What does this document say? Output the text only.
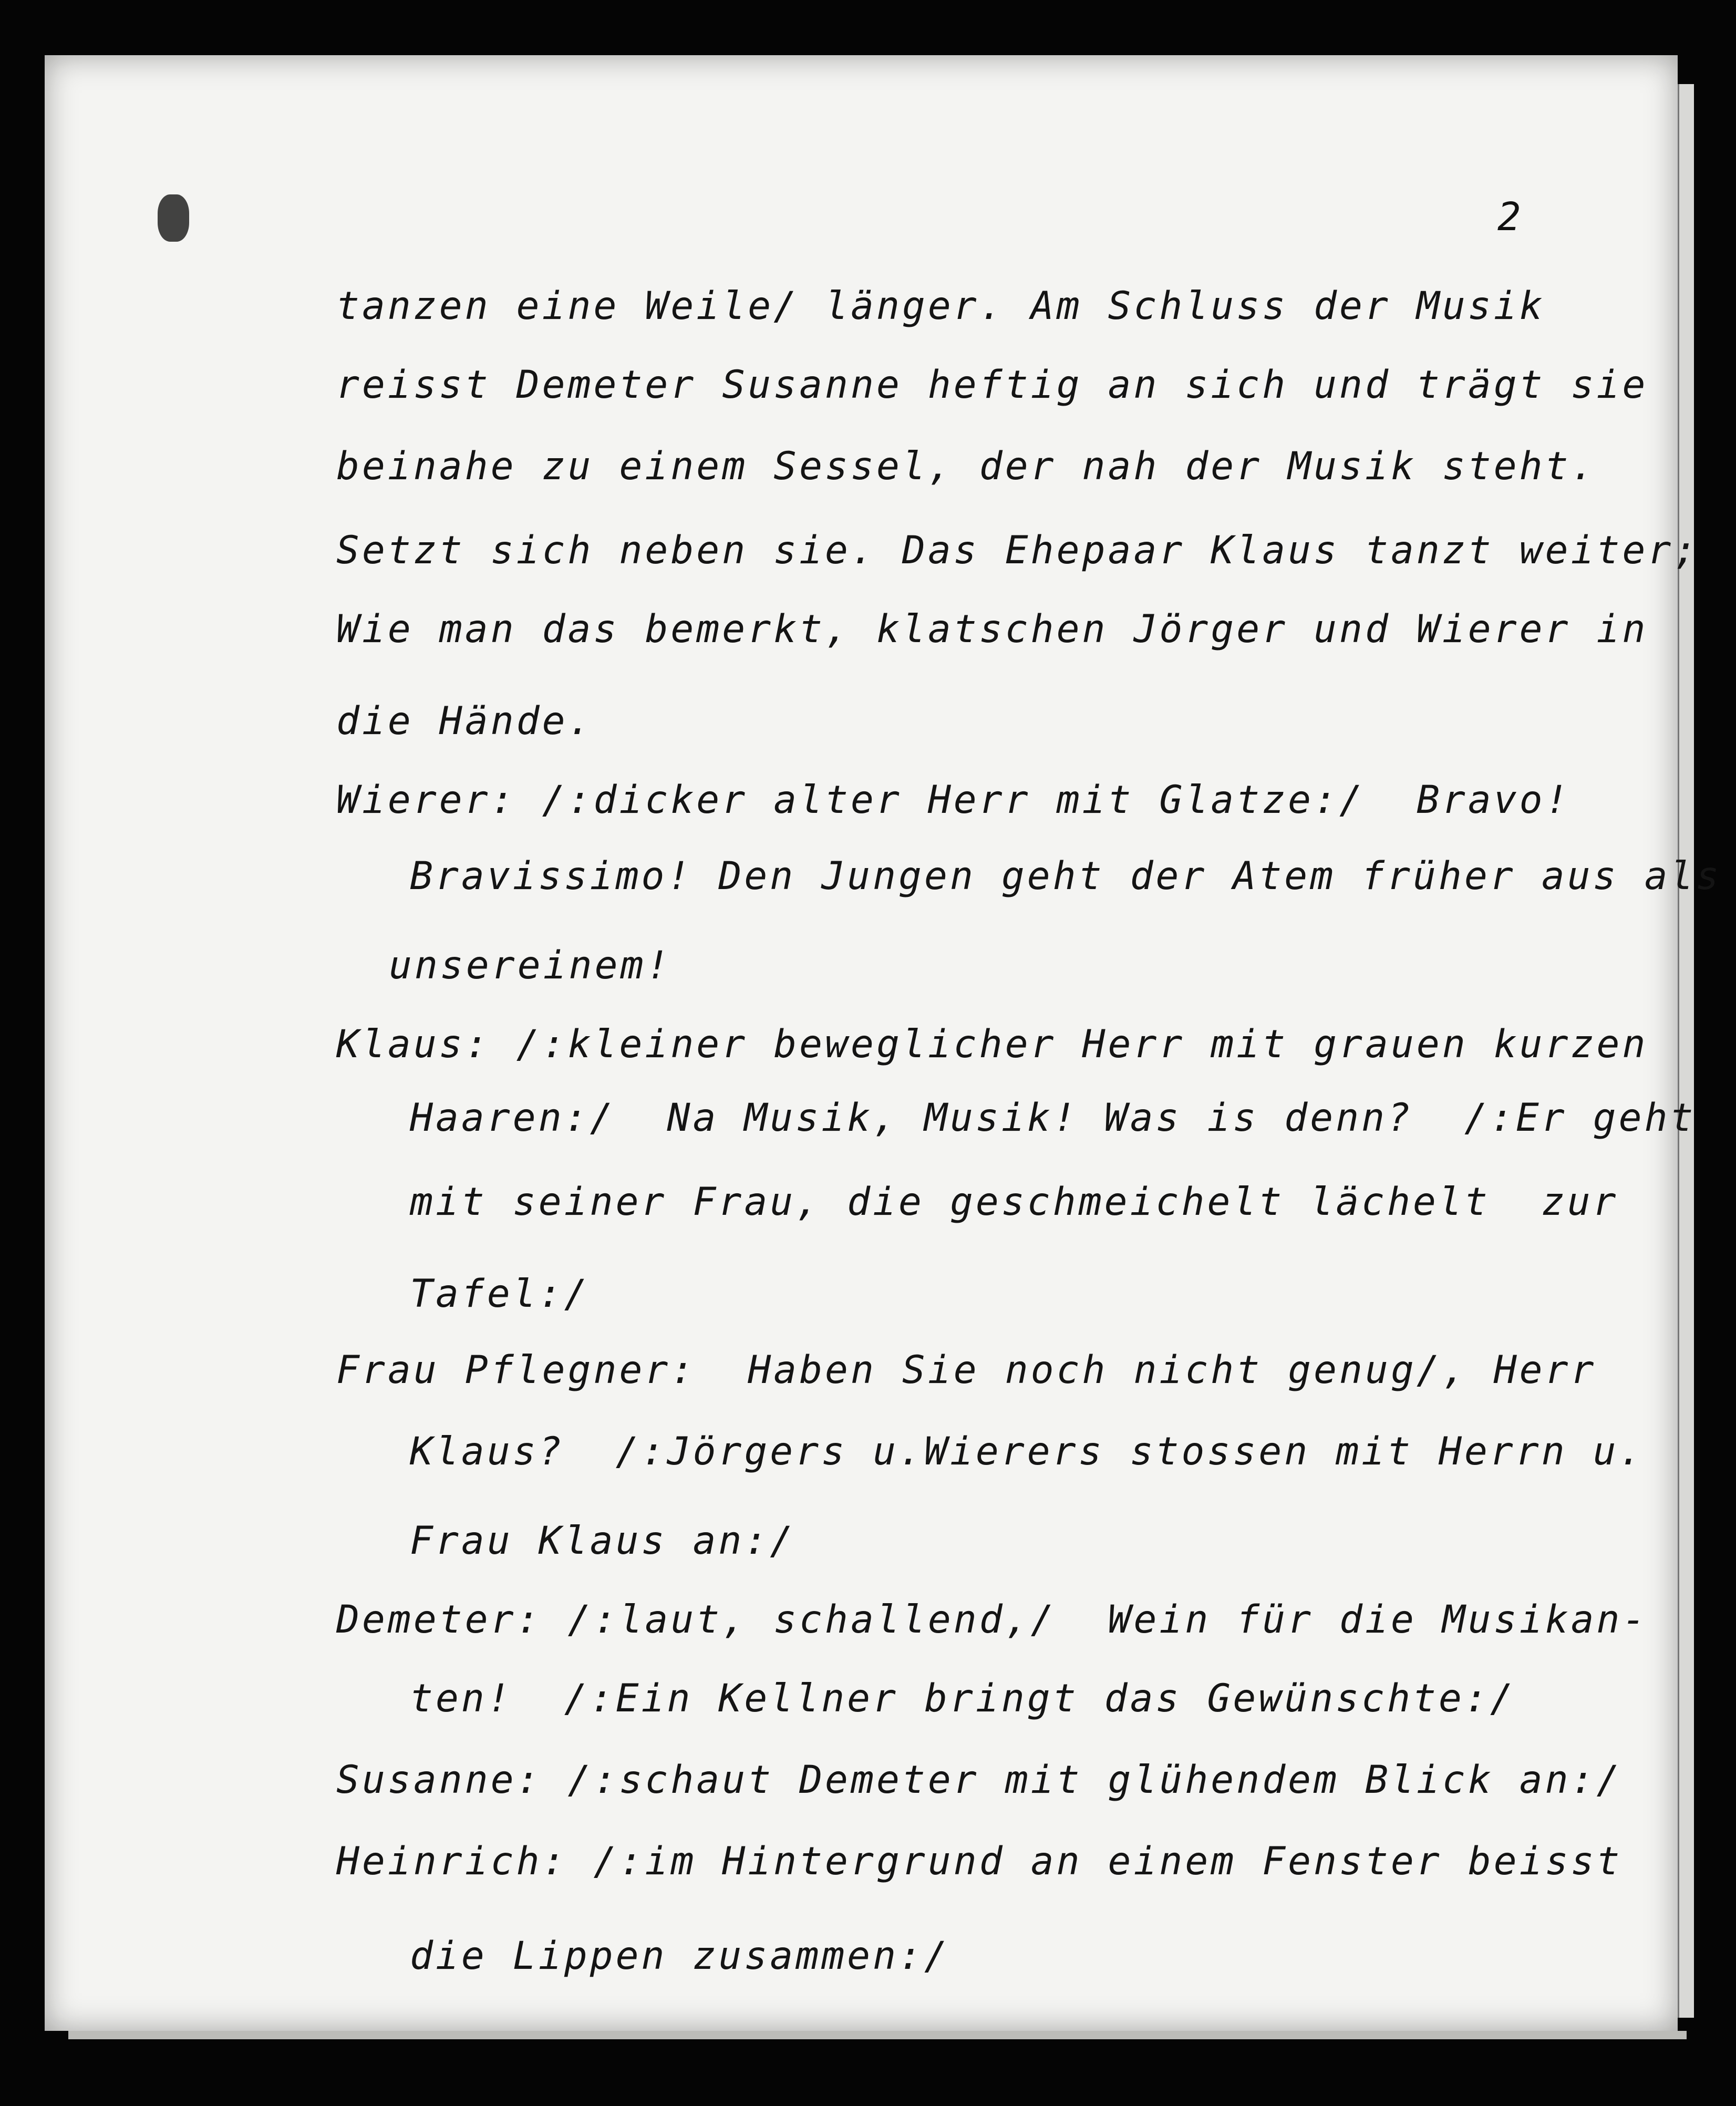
2
tanzen eine Weile/ länger. Am Schluss der Musik
reisst Demeter Susanne heftig an sich und trägt sie
beinahe zu einem Sessel, der nah der Musik steht.
Setzt sich neben sie. Das Ehepaar Klaus tanzt weiter;
Wie man das bemerkt, klatschen Jörger und Wierer in
die Hände.
Wierer: /:dicker alter Herr mit Glatze:/  Bravo!
Bravissimo! Den Jungen geht der Atem früher aus als
unsereinem!
Klaus: /:kleiner beweglicher Herr mit grauen kurzen
Haaren:/  Na Musik, Musik! Was is denn?  /:Er geht
mit seiner Frau, die geschmeichelt lächelt  zur
Tafel:/
Frau Pflegner:  Haben Sie noch nicht genug/, Herr
Klaus?  /:Jörgers u.Wierers stossen mit Herrn u.
Frau Klaus an:/
Demeter: /:laut, schallend,/  Wein für die Musikan-
ten!  /:Ein Kellner bringt das Gewünschte:/
Susanne: /:schaut Demeter mit glühendem Blick an:/
Heinrich: /:im Hintergrund an einem Fenster beisst
die Lippen zusammen:/
